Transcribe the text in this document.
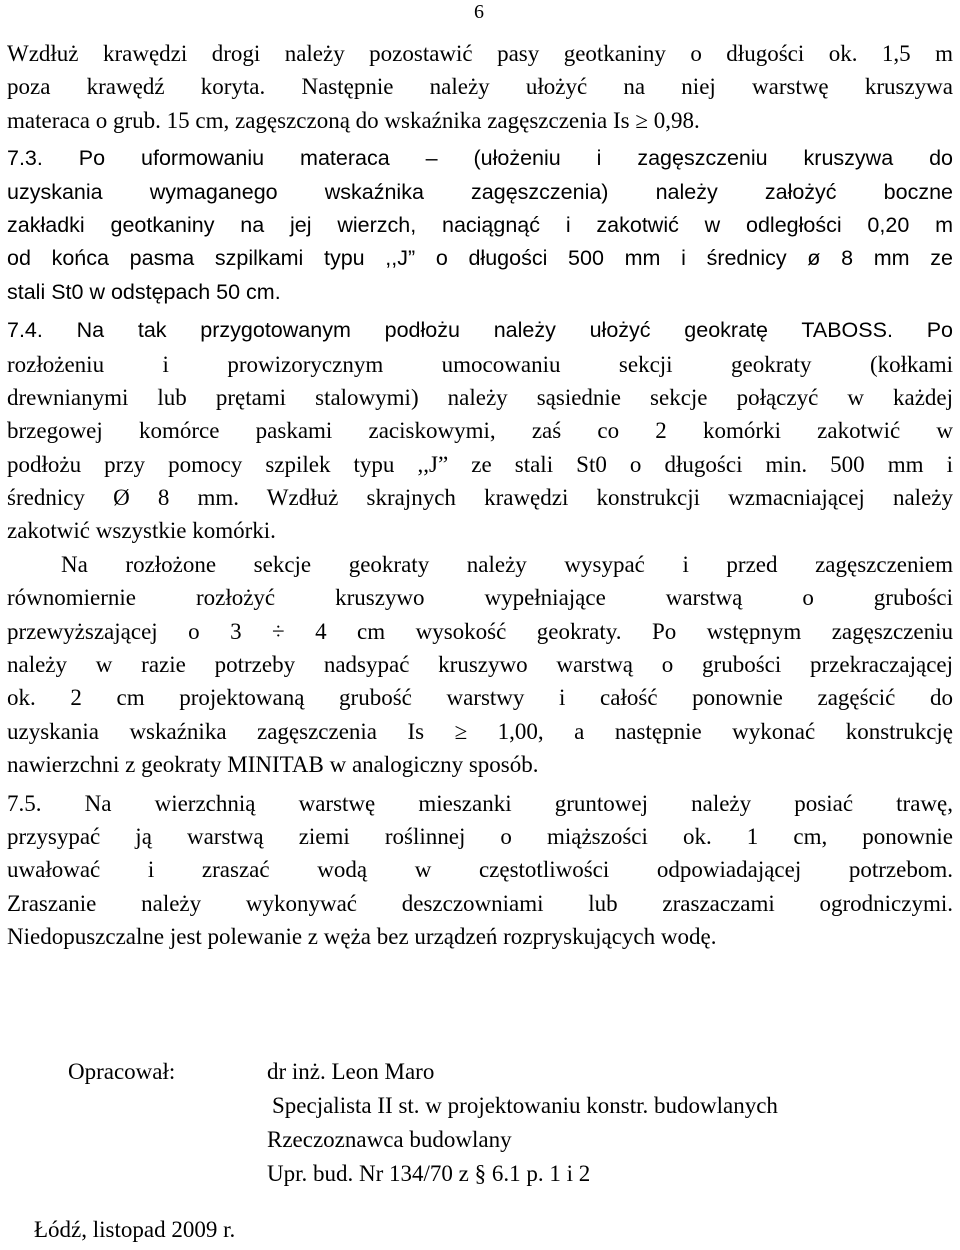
6
Wzdłuż krawędzi drogi należy pozostawić pasy geotkaniny o długości ok. 1,5 m
poza krawędź koryta. Następnie należy ułożyć na niej warstwę kruszywa
materaca o grub. 15 cm, zagęszczoną do wskaźnika zagęszczenia Is ≥ 0,98.
7.3. Po uformowaniu materaca – (ułożeniu i zagęszczeniu kruszywa do
uzyskania wymaganego wskaźnika zagęszczenia) należy założyć boczne
zakładki geotkaniny na jej wierzch, naciągnąć i zakotwić w odległości 0,20 m
od końca pasma szpilkami typu ,,J” o długości 500 mm i średnicy ø 8 mm ze
stali St0 w odstępach 50 cm.
7.4. Na tak przygotowanym podłożu należy ułożyć geokratę TABOSS. Po
rozłożeniu i prowizorycznym umocowaniu sekcji geokraty (kołkami
drewnianymi lub prętami stalowymi) należy sąsiednie sekcje połączyć w każdej
brzegowej komórce paskami zaciskowymi, zaś co 2 komórki zakotwić w
podłożu przy pomocy szpilek typu ,,J” ze stali St0 o długości min. 500 mm i
średnicy Ø 8 mm. Wzdłuż skrajnych krawędzi konstrukcji wzmacniającej należy
zakotwić wszystkie komórki.
Na rozłożone sekcje geokraty należy wysypać i przed zagęszczeniem
równomiernie rozłożyć kruszywo wypełniające warstwą o grubości
przewyższającej o 3 ÷ 4 cm wysokość geokraty. Po wstępnym zagęszczeniu
należy w razie potrzeby nadsypać kruszywo warstwą o grubości przekraczającej
ok. 2 cm projektowaną grubość warstwy i całość ponownie zagęścić do
uzyskania wskaźnika zagęszczenia Is ≥ 1,00, a następnie wykonać konstrukcję
nawierzchni z geokraty MINITAB w analogiczny sposób.
7.5. Na wierzchnią warstwę mieszanki gruntowej należy posiać trawę,
przysypać ją warstwą ziemi roślinnej o miąższości ok. 1 cm, ponownie
uwałować i zraszać wodą w częstotliwości odpowiadającej potrzebom.
Zraszanie należy wykonywać deszczowniami lub zraszaczami ogrodniczymi.
Niedopuszczalne jest polewanie z węża bez urządzeń rozpryskujących wodę.
Opracował:	dr inż. Leon Maro
Specjalista II st. w projektowaniu konstr. budowlanych
Rzeczoznawca budowlany
Upr. bud. Nr 134/70 z § 6.1 p. 1 i 2
Łódź, listopad 2009 r.
